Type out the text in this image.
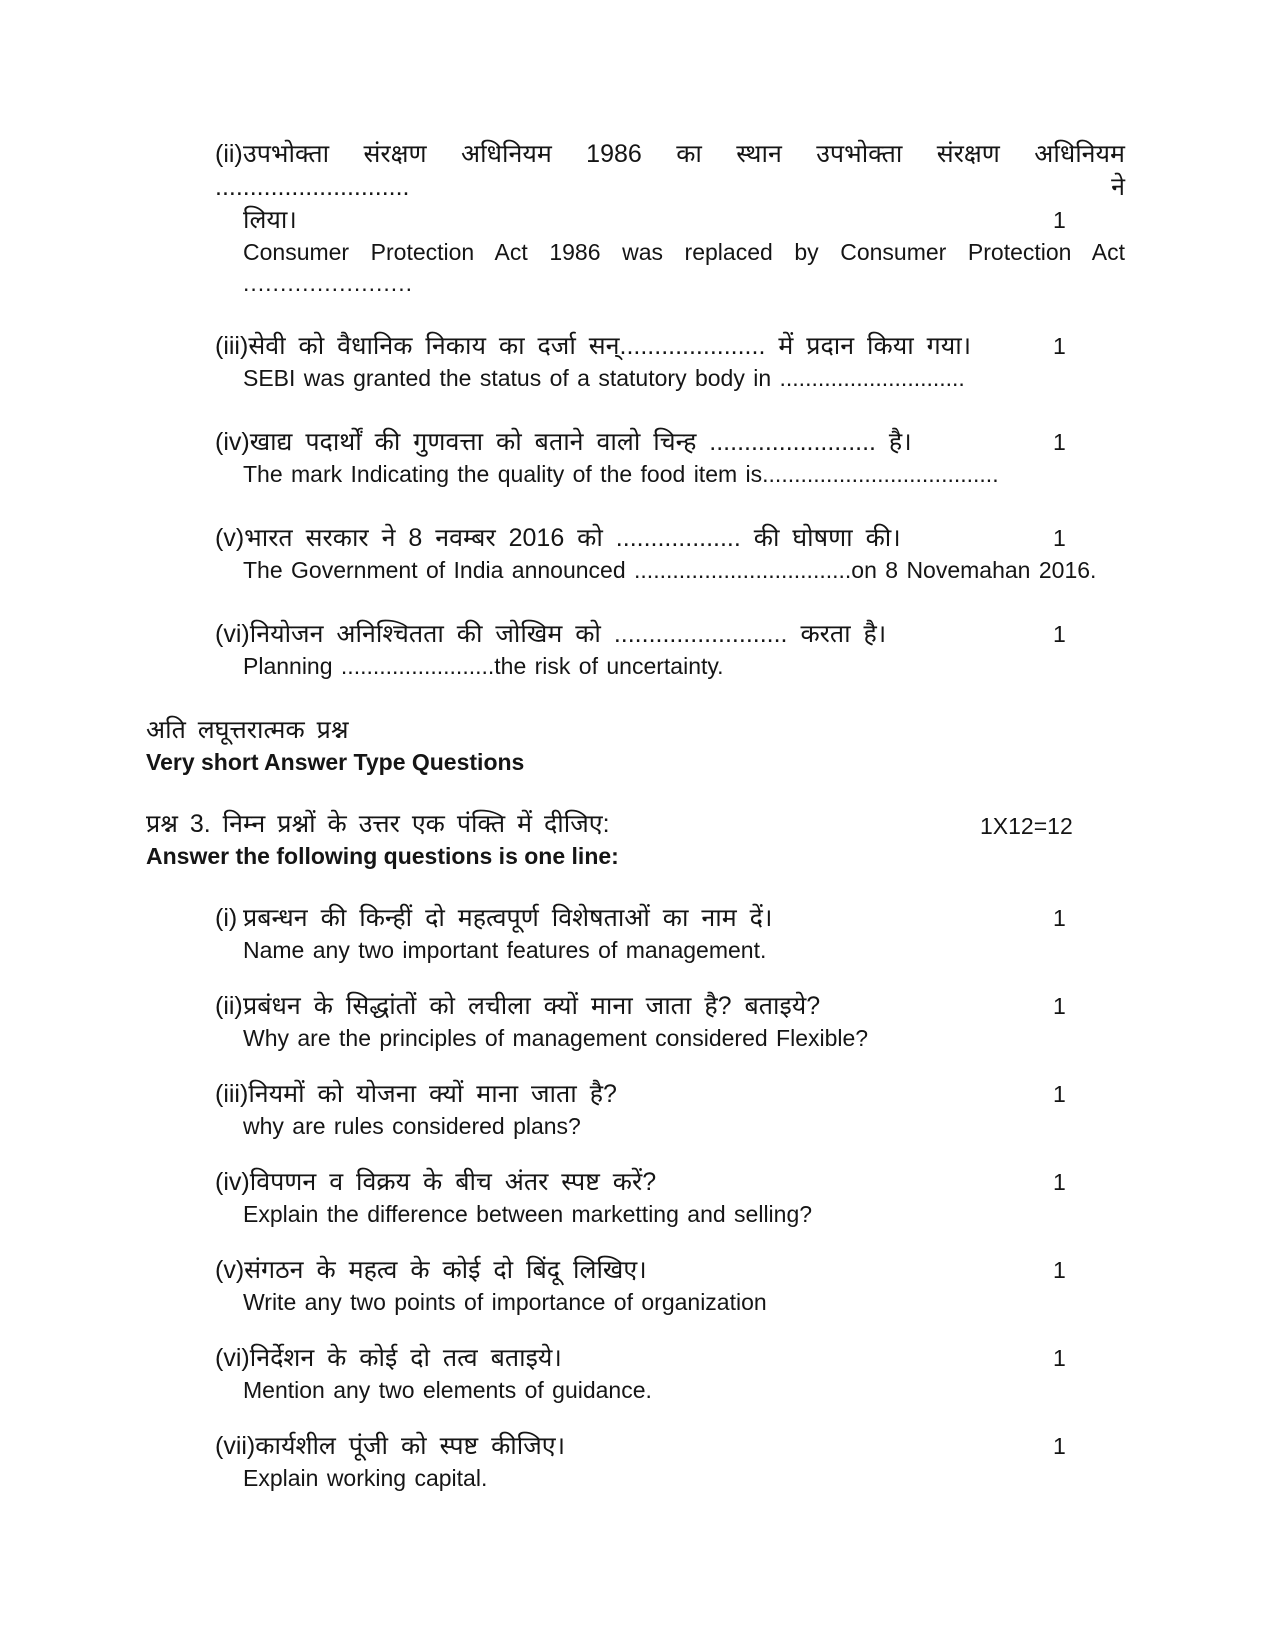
(ii)उपभोक्ता संरक्षण अधिनियम 1986 का स्थान उपभोक्ता संरक्षण अधिनियम ............................ ने
लिया।	1
Consumer Protection Act 1986 was replaced by Consumer Protection Act
.......................
(iii)सेवी को वैधानिक निकाय का दर्जा सन्..................... में प्रदान किया गया।	1
SEBI was granted the status of a statutory body in .............................
(iv)खाद्य पदार्थों की गुणवत्ता को बताने वालो चिन्ह ........................ है।	1
The mark Indicating the quality of the food item is.....................................
(v)भारत सरकार ने 8 नवम्बर 2016 को .................. की घोषणा की।	1
The Government of India announced ..................................on 8 Novemahan 2016.
(vi)नियोजन अनिश्चितता की जोखिम को ......................... करता है।	1
Planning ........................the risk of uncertainty.
अति लघूत्तरात्मक प्रश्न
Very short Answer Type Questions
प्रश्न 3. निम्न प्रश्नों के उत्तर एक पंक्ति में दीजिए:	1X12=12
Answer the following questions is one line:
(i) प्रबन्धन की किन्हीं दो महत्वपूर्ण विशेषताओं का नाम दें।	1
Name any two important features of management.
(ii)प्रबंधन के सिद्धांतों को लचीला क्यों माना जाता है? बताइये?	1
Why are the principles of management considered Flexible?
(iii)नियमों को योजना क्यों माना जाता है?	1
why are rules considered plans?
(iv)विपणन व विक्रय के बीच अंतर स्पष्ट करें?	1
Explain the difference between marketting and selling?
(v)संगठन के महत्व के कोई दो बिंदू लिखिए।	1
Write any two points of importance of organization
(vi)निर्देशन के कोई दो तत्व बताइये।	1
Mention any two elements of guidance.
(vii)कार्यशील पूंजी को स्पष्ट कीजिए।	1
Explain working capital.
